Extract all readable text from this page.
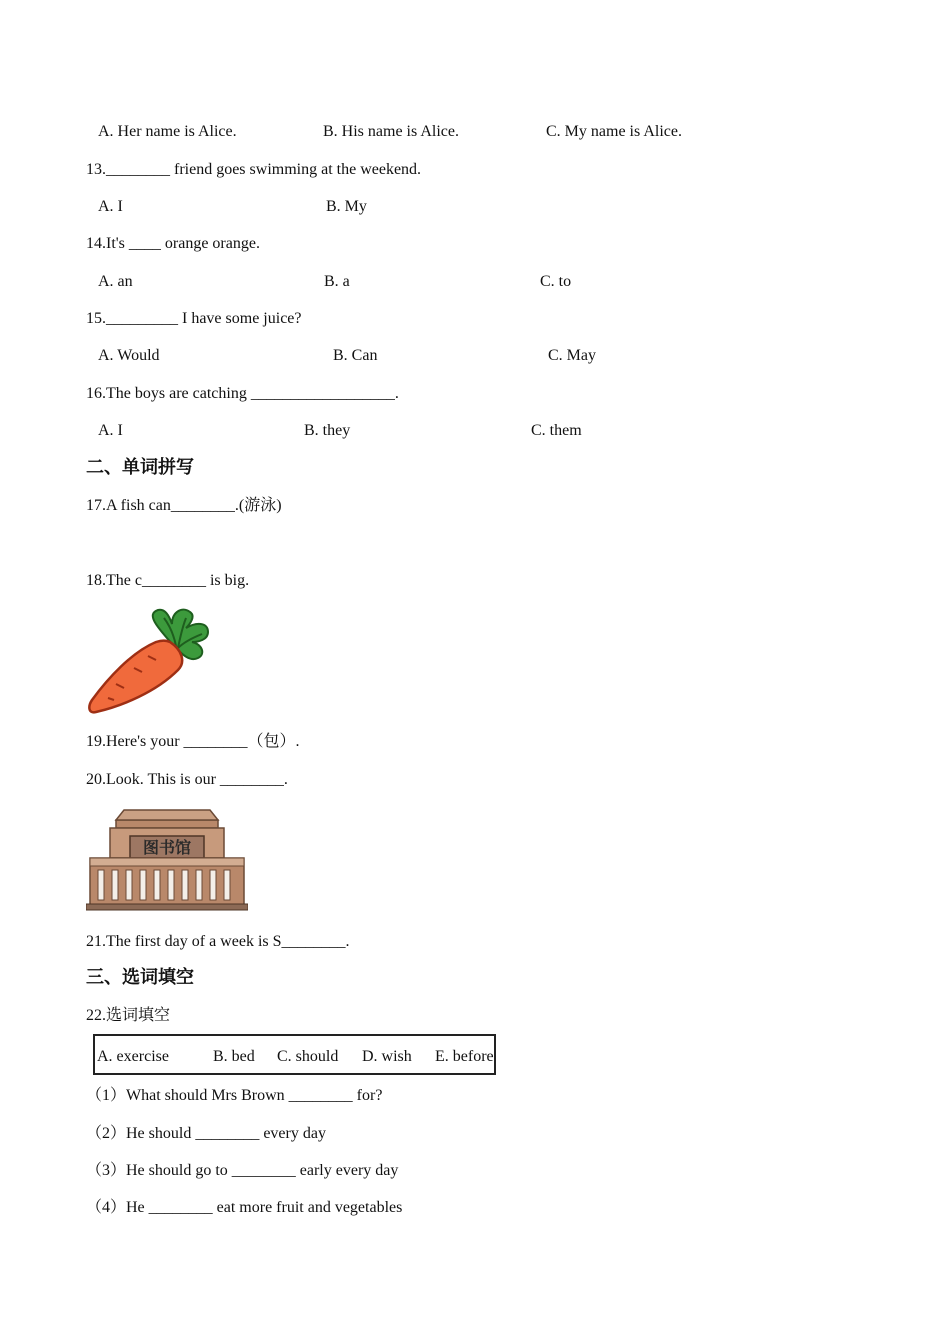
A. Her name is Alice.	B. His name is Alice.	C. My name is Alice.
13.________ friend goes swimming at the weekend.
A. I	B. My
14.It's ____ orange orange.
A. an	B. a	C. to
15._________ I have some juice?
A. Would	B. Can	C. May
16.The boys are catching __________________.
A. I	B. they	C. them
二、单词拼写
17.A fish can________.(游泳)
18.The c________ is big.
19.Here's your ________（包）.
20.Look. This is our ________.
图书馆
21.The first day of a week is S________.
三、选词填空
22.选词填空
A. exercise	B. bed C. should D. wish E. before
（1）What should Mrs Brown ________ for?
（2）He should ________ every day
（3）He should go to ________ early every day
（4）He ________ eat more fruit and vegetables
